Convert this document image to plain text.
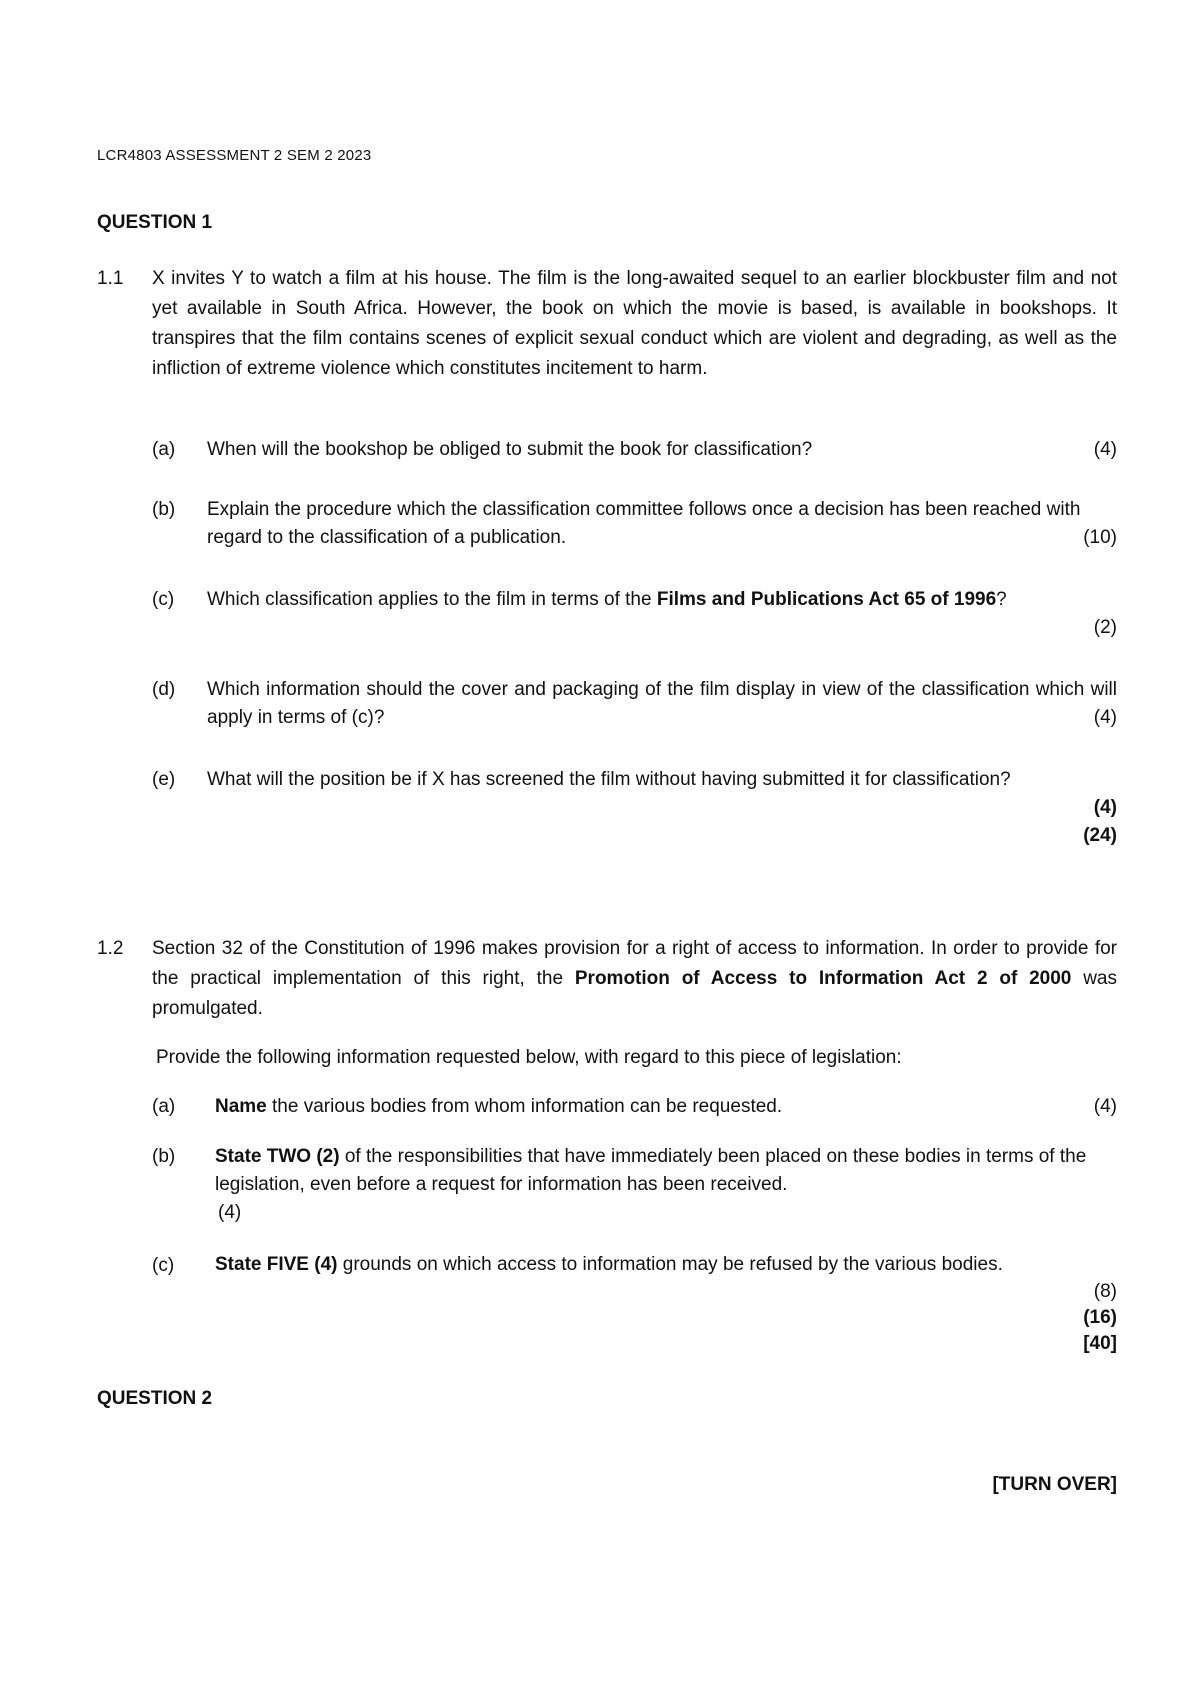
LCR4803 ASSESSMENT 2 SEM 2 2023
QUESTION 1
1.1 X invites Y to watch a film at his house. The film is the long-awaited sequel to an earlier blockbuster film and not yet available in South Africa. However, the book on which the movie is based, is available in bookshops. It transpires that the film contains scenes of explicit sexual conduct which are violent and degrading, as well as the infliction of extreme violence which constitutes incitement to harm.
(a) When will the bookshop be obliged to submit the book for classification?	(4)
(b) Explain the procedure which the classification committee follows once a decision has been reached with regard to the classification of a publication.	(10)
(c) Which classification applies to the film in terms of the Films and Publications Act 65 of 1996?
(2)
(d) Which information should the cover and packaging of the film display in view of the classification which will apply in terms of (c)?	(4)
(e) What will the position be if X has screened the film without having submitted it for classification?
(4)
(24)
1.2 Section 32 of the Constitution of 1996 makes provision for a right of access to information. In order to provide for the practical implementation of this right, the Promotion of Access to Information Act 2 of 2000 was promulgated.
Provide the following information requested below, with regard to this piece of legislation:
(a) Name the various bodies from whom information can be requested.	(4)
(b) State TWO (2) of the responsibilities that have immediately been placed on these bodies in terms of the legislation, even before a request for information has been received.
(4)
(c) State FIVE (4) grounds on which access to information may be refused by the various bodies.
(8)
(16)
[40]
QUESTION 2
[TURN OVER]
